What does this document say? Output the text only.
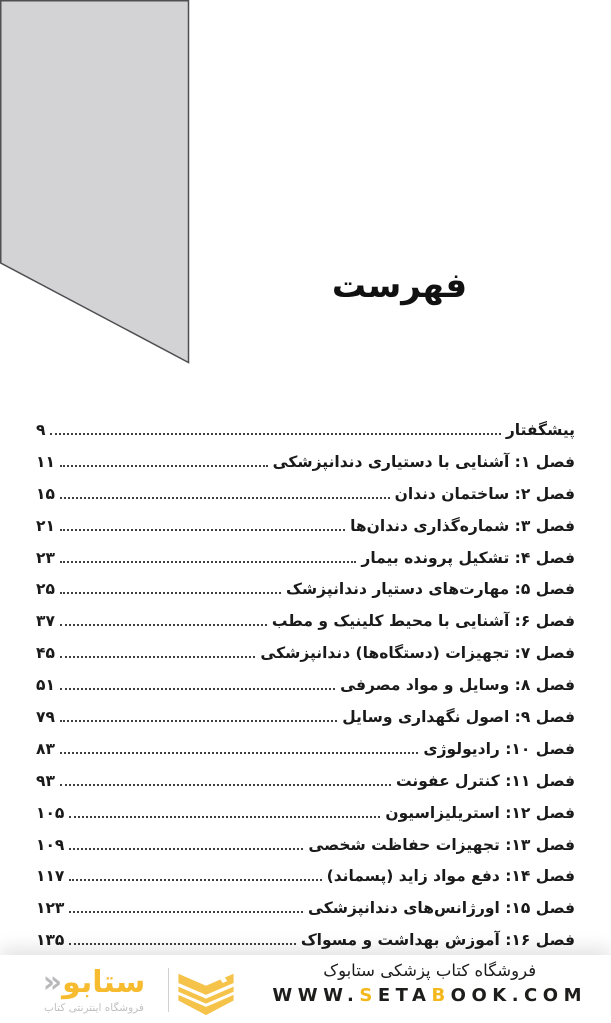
فهرست
پیشگفتار
۹
فصل ۱: آشنایی با دستیاری دندانپزشکی
۱۱
فصل ۲: ساختمان دندان
۱۵
فصل ۳: شماره‌گذاری دندان‌ها
۲۱
فصل ۴: تشکیل پرونده بیمار
۲۳
فصل ۵: مهارت‌های دستیار دندانپزشک
۲۵
فصل ۶: آشنایی با محیط کلینیک و مطب
۳۷
فصل ۷: تجهیزات (دستگاه‌ها) دندانپزشکی
۴۵
فصل ۸: وسایل و مواد مصرفی
۵۱
فصل ۹: اصول نگهداری وسایل
۷۹
فصل ۱۰: رادیولوژی
۸۳
فصل ۱۱: کنترل عفونت
۹۳
فصل ۱۲: استریلیزاسیون
۱۰۵
فصل ۱۳: تجهیزات حفاظت شخصی
۱۰۹
فصل ۱۴: دفع مواد زاید (پسماند)
۱۱۷
فصل ۱۵: اورژانس‌های دندانپزشکی
۱۲۳
فصل ۱۶: آموزش بهداشت و مسواک
۱۳۵
ستابو«
فروشگاه اینترنتی کتاب
فروشگاه کتاب پزشکی ستابوک
WWW.SETABOOK.COM
